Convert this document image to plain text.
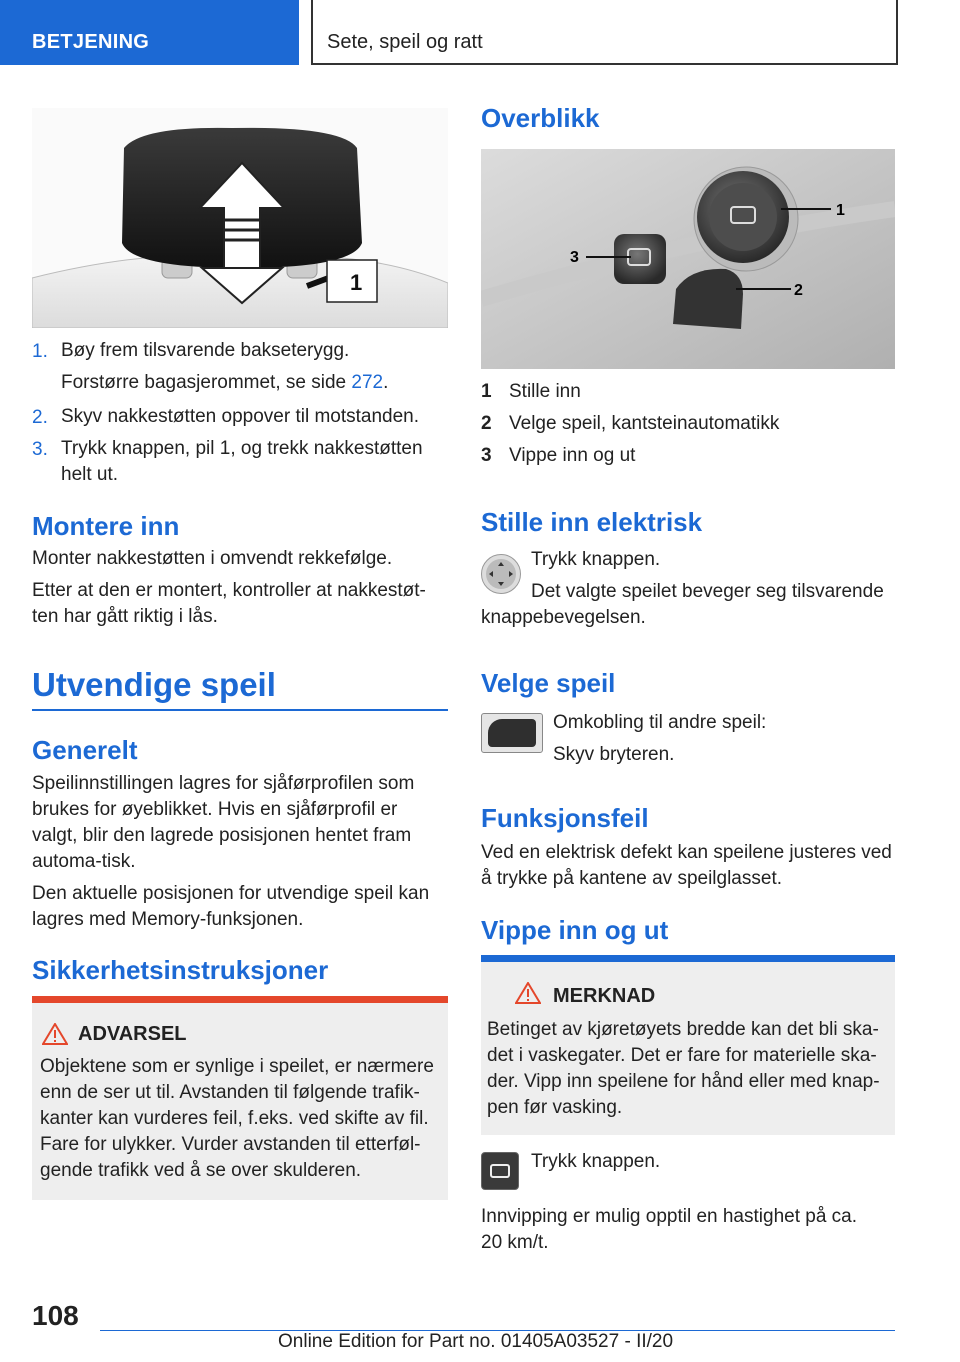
BETJENING	Sete, speil og ratt
1
1. Bøy frem tilsvarende bakseterygg.
Forstørre bagasjerommet, se side 272.
2. Skyv nakkestøtten oppover til motstanden.
3. Trykk knappen, pil 1, og trekk nakkestøtten helt ut.
Montere inn

Monter nakkestøtten i omvendt rekkefølge.

Etter at den er montert, kontroller at nakkestøt-ten har gått riktig i lås.

Utvendige speil
Generelt

Speilinnstillingen lagres for sjåførprofilen som brukes for øyeblikket. Hvis en sjåførprofil er valgt, blir den lagrede posisjonen hentet fram automa-tisk.

Den aktuelle posisjonen for utvendige speil kan lagres med Memory-funksjonen.

Sikkerhetsinstruksjoner
ADVARSEL

Objektene som er synlige i speilet, er nærmere enn de ser ut til. Avstanden til følgende trafik-kanter kan vurderes feil, f.eks. ved skifte av fil. Fare for ulykker. Vurder avstanden til etterføl-gende trafikk ved å se over skulderen.

Overblikk
1
2
3
1 Stille inn
2 Velge speil, kantsteinautomatikk
3 Vippe inn og ut
Stille inn elektrisk

Trykk knappen.

Det valgte speilet beveger seg tilsvarende knappebevegelsen.

Velge speil

Omkobling til andre speil:

Skyv bryteren.

Funksjonsfeil

Ved en elektrisk defekt kan speilene justeres ved å trykke på kantene av speilglasset.

Vippe inn og ut
MERKNAD

Betinget av kjøretøyets bredde kan det bli ska-det i vaskegater. Det er fare for materielle ska-der. Vipp inn speilene for hånd eller med knap-pen før vasking.

Trykk knappen.

Innvipping er mulig opptil en hastighet på ca. 20 km/t.

108
Online Edition for Part no. 01405A03527 - II/20
